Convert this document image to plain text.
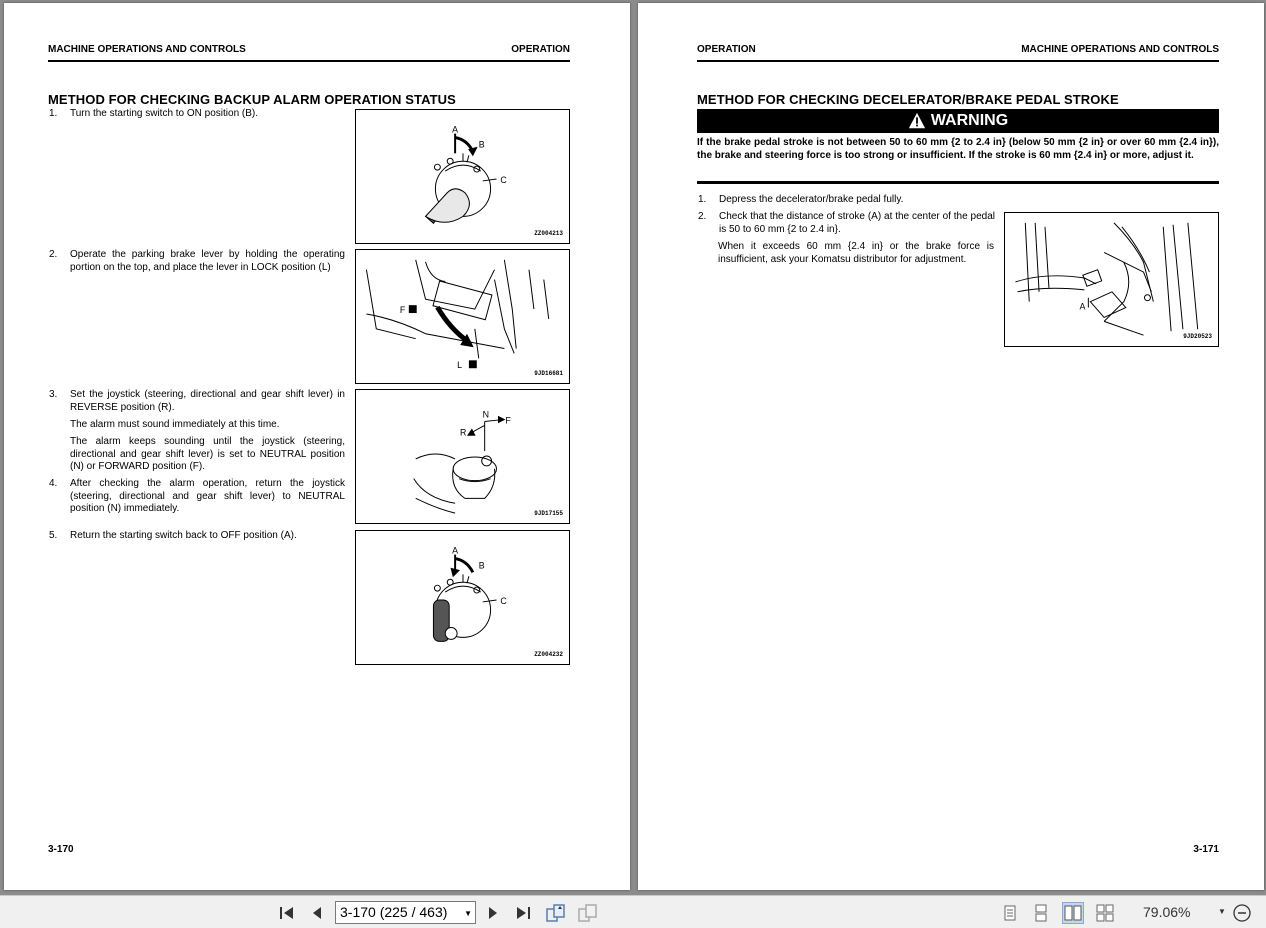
MACHINE OPERATIONS AND CONTROLS	OPERATION
METHOD FOR CHECKING BACKUP ALARM OPERATION STATUS
1. Turn the starting switch to ON position (B).
2. Operate the parking brake lever by holding the operating portion on the top, and place the lever in LOCK position (L)
3. Set the joystick (steering, directional and gear shift lever) in REVERSE position (R).
The alarm must sound immediately at this time.
The alarm keeps sounding until the joystick (steering, directional and gear shift lever) is set to NEUTRAL position (N) or FORWARD position (F).
4. After checking the alarm operation, return the joystick (steering, directional and gear shift lever) to NEUTRAL position (N) immediately.
5. Return the starting switch back to OFF position (A).
A
B
C
ZZ004213
F
L
9JD16681
N
F
R
9JD17155
A
B
C
ZZ004232
3-170
OPERATION	MACHINE OPERATIONS AND CONTROLS
METHOD FOR CHECKING DECELERATOR/BRAKE PEDAL STROKE
WARNING
If the brake pedal stroke is not between 50 to 60 mm {2 to 2.4 in} (below 50 mm {2 in} or over 60 mm {2.4 in}), the brake and steering force is too strong or insufficient. If the stroke is 60 mm {2.4 in} or more, adjust it.
1. Depress the decelerator/brake pedal fully.
2. Check that the distance of stroke (A) at the center of the pedal is 50 to 60 mm {2 to 2.4 in}.
When it exceeds 60 mm {2.4 in} or the brake force is insufficient, ask your Komatsu distributor for adjustment.
A
9JD20523
3-171
3-170 (225 / 463) ▼	79.06%	▼
